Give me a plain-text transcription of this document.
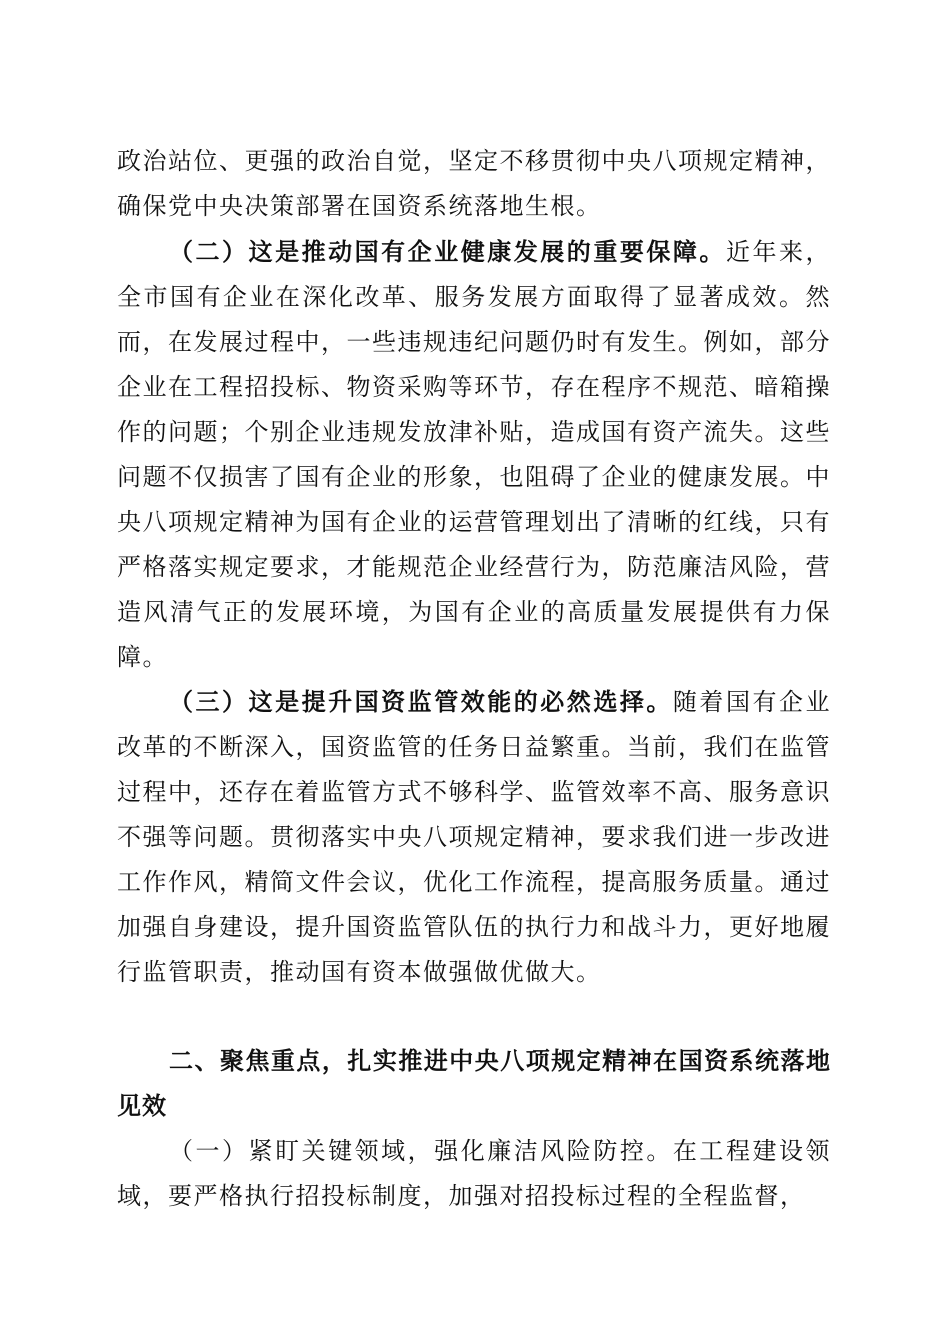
政治站位、更强的政治自觉，坚定不移贯彻中央八项规定精神，确保党中央决策部署在国资系统落地生根。

（二）这是推动国有企业健康发展的重要保障。近年来，全市国有企业在深化改革、服务发展方面取得了显著成效。然而，在发展过程中，一些违规违纪问题仍时有发生。例如，部分企业在工程招投标、物资采购等环节，存在程序不规范、暗箱操作的问题；个别企业违规发放津补贴，造成国有资产流失。这些问题不仅损害了国有企业的形象，也阻碍了企业的健康发展。中央八项规定精神为国有企业的运营管理划出了清晰的红线，只有严格落实规定要求，才能规范企业经营行为，防范廉洁风险，营造风清气正的发展环境，为国有企业的高质量发展提供有力保障。

（三）这是提升国资监管效能的必然选择。随着国有企业改革的不断深入，国资监管的任务日益繁重。当前，我们在监管过程中，还存在着监管方式不够科学、监管效率不高、服务意识不强等问题。贯彻落实中央八项规定精神，要求我们进一步改进工作作风，精简文件会议，优化工作流程，提高服务质量。通过加强自身建设，提升国资监管队伍的执行力和战斗力，更好地履行监管职责，推动国有资本做强做优做大。

二、聚焦重点，扎实推进中央八项规定精神在国资系统落地见效

（一）紧盯关键领域，强化廉洁风险防控。在工程建设领域，要严格执行招投标制度，加强对招投标过程的全程监督，
